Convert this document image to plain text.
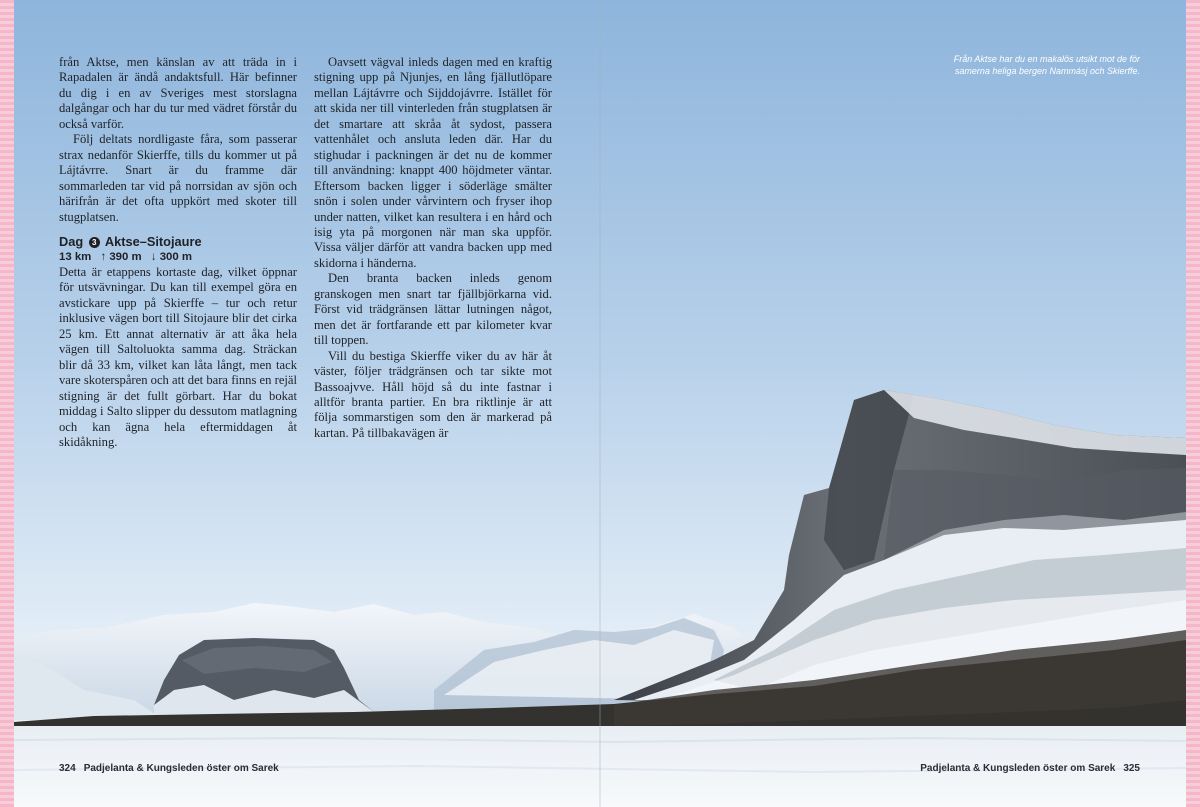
från Aktse, men känslan av att träda in i Rapadalen är ändå andaktsfull. Här befinner du dig i en av Sveriges mest storslagna dalgångar och har du tur med vädret förstår du också varför.

Följ deltats nordligaste fåra, som passerar strax nedanför Skierffe, tills du kommer ut på Lájtávrre. Snart är du framme där sommarleden tar vid på norrsidan av sjön och härifrån är det ofta uppkört med skoter till stugplatsen.

Dag 3 Aktse–Sitojaure
13 km ↑ 390 m ↓ 300 m

Detta är etappens kortaste dag, vilket öppnar för utsvävningar. Du kan till exempel göra en avstickare upp på Skierffe – tur och retur inklusive vägen bort till Sitojaure blir det cirka 25 km. Ett annat alternativ är att åka hela vägen till Saltoluokta samma dag. Sträckan blir då 33 km, vilket kan låta långt, men tack vare skoterspåren och att det bara finns en rejäl stigning är det fullt görbart. Har du bokat middag i Salto slipper du dessutom matlagning och kan ägna hela eftermiddagen åt skidåkning.

Oavsett vägval inleds dagen med en kraftig stigning upp på Njunjes, en lång fjällutlöpare mellan Lájtávrre och Sijddojávrre. Istället för att skida ner till vinterleden från stugplatsen är det smartare att skråa åt sydost, passera vattenhålet och ansluta leden där. Har du stighudar i packningen är det nu de kommer till användning: knappt 400 höjdmeter väntar. Eftersom backen ligger i söderläge smälter snön i solen under vårvintern och fryser ihop under natten, vilket kan resultera i en hård och isig yta på morgonen när man ska uppför. Vissa väljer därför att vandra backen upp med skidorna i händerna.

Den branta backen inleds genom granskogen men snart tar fjällbjörkarna vid. Först vid trädgränsen lättar lutningen något, men det är fortfarande ett par kilometer kvar till toppen.

Vill du bestiga Skierffe viker du av här åt väster, följer trädgränsen och tar sikte mot Bassoajvve. Håll höjd så du inte fastnar i alltför branta partier. En bra riktlinje är att följa sommarstigen som den är markerad på kartan. På tillbakavägen är

Från Aktse har du en makalös utsikt mot de för samerna heliga bergen Nammásj och Skierffe.
324 Padjelanta & Kungsleden öster om Sarek	Padjelanta & Kungsleden öster om Sarek 325
